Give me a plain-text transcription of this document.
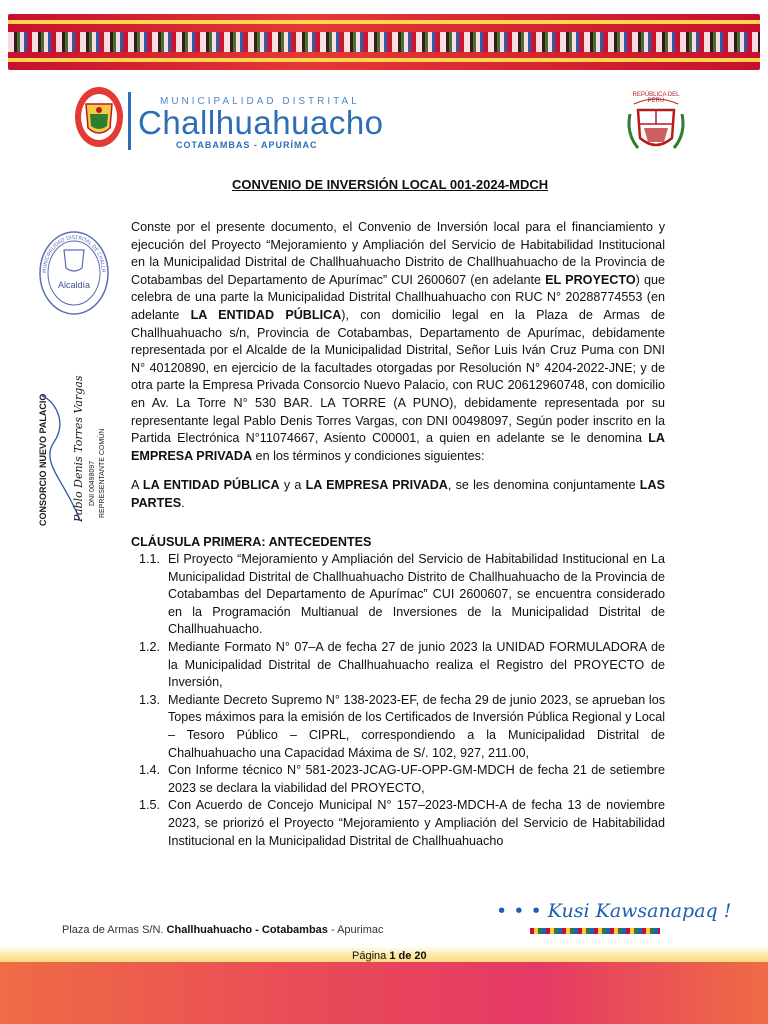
MUNICIPALIDAD DISTRITAL
Challhuahuacho
COTABAMBAS - APURÍMAC
REPÚBLICA DEL PERÚ
CONVENIO DE INVERSIÓN LOCAL 001-2024-MDCH
MUNICIPALIDAD DISTRITAL DE CHALLH
Alcaldía
CONSORCIO NUEVO PALACIO Pablo Denis Torres Vargas DNI 00498097 REPRESENTANTE COMÚN

Conste por el presente documento, el Convenio de Inversión local para el financiamiento y ejecución del Proyecto “Mejoramiento y Ampliación del Servicio de Habitabilidad Institucional en la Municipalidad Distrital de Challhuahuacho Distrito de Challhuahuacho de la Provincia de Cotabambas del Departamento de Apurímac” CUI 2600607 (en adelante EL PROYECTO) que celebra de una parte la Municipalidad Distrital Challhuahuacho con RUC N° 20288774553 (en adelante LA ENTIDAD PÚBLICA), con domicilio legal en la Plaza de Armas de Challhuahuacho s/n, Provincia de Cotabambas, Departamento de Apurímac, debidamente representada por el Alcalde de la Municipalidad Distrital, Señor Luis Iván Cruz Puma con DNI N° 40120890, en ejercicio de la facultades otorgadas por Resolución N° 4204-2022-JNE; y de otra parte la Empresa Privada Consorcio Nuevo Palacio, con RUC 20612960748, con domicilio en Av. La Torre N° 530 BAR. LA TORRE (A PUNO), debidamente representada por su representante legal Pablo Denis Torres Vargas, con DNI 00498097, Según poder inscrito en la Partida Electrónica N°11074667, Asiento C00001, a quien en adelante se le denomina LA EMPRESA PRIVADA en los términos y condiciones siguientes:

A LA ENTIDAD PÚBLICA y a LA EMPRESA PRIVADA, se les denomina conjuntamente LAS PARTES.

CLÁUSULA PRIMERA: ANTECEDENTES

1.1. El Proyecto “Mejoramiento y Ampliación del Servicio de Habitabilidad Institucional en La Municipalidad Distrital de Challhuahuacho Distrito de Challhuahuacho de la Provincia de Cotabambas del Departamento de Apurímac” CUI 2600607, se encuentra considerado en la Programación Multianual de Inversiones de la Municipalidad Distrital de Challhuahuacho.
1.2. Mediante Formato N° 07–A de fecha 27 de junio 2023 la UNIDAD FORMULADORA de la Municipalidad Distrital de Challhuahuacho realiza el Registro del PROYECTO de Inversión,
1.3. Mediante Decreto Supremo N° 138-2023-EF, de fecha 29 de junio 2023, se aprueban los Topes máximos para la emisión de los Certificados de Inversión Pública Regional y Local – Tesoro Público – CIPRL, correspondiendo a la Municipalidad Distrital de Chalhuahuacho una Capacidad Máxima de S/. 102, 927, 211.00,
1.4. Con Informe técnico N° 581-2023-JCAG-UF-OPP-GM-MDCH de fecha 21 de setiembre 2023 se declara la viabilidad del PROYECTO,
1.5. Con Acuerdo de Concejo Municipal N° 157–2023-MDCH-A de fecha 13 de noviembre 2023, se priorizó el Proyecto “Mejoramiento y Ampliación del Servicio de Habitabilidad Institucional en la Municipalidad Distrital de Challhuahuacho
Plaza de Armas S/N. Challhuahuacho - Cotabambas - Apurimac
• • • Kusi Kawsanapaq !
Página 1 de 20
